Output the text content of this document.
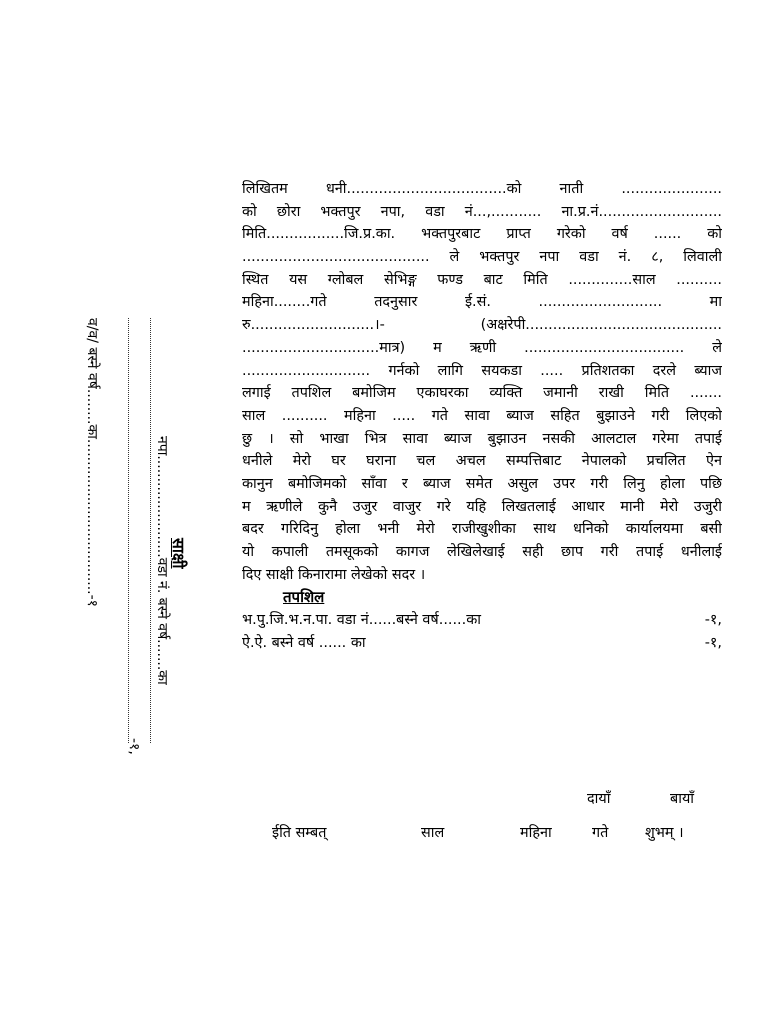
लिखितम धनी...................................को नाती ......................
को छोरा भक्तपुर नपा, वडा नं...,........... ना.प्र.नं...........................
मिति.................जि.प्र.का. भक्तपुरबाट प्राप्त गरेको वर्ष ...... को
......................................... ले भक्तपुर नपा वडा नं. ८, लिवाली
स्थित यस ग्लोबल सेभिङ्ग फण्ड बाट मिति ..............साल ..........
महिना........गते तदनुसार ई.सं. ........................... मा
रु...........................।- (अक्षरेपी...........................................
..............................मात्र) म ऋणी ................................... ले
............................ गर्नको लागि सयकडा ..... प्रतिशतका दरले ब्याज
लगाई तपशिल बमोजिम एकाघरका व्यक्ति जमानी राखी मिति .......
साल .......... महिना ..... गते सावा ब्याज सहित बुझाउने गरी लिएको
छु । सो भाखा भित्र सावा ब्याज बुझाउन नसकी आलटाल गरेमा तपाई
धनीले मेरो घर घराना चल अचल सम्पत्तिबाट नेपालको प्रचलित ऐन
कानुन बमोजिमको साँवा र ब्याज समेत असुल उपर गरी लिनु होला पछि
म ऋणीले कुनै उजुर वाजुर गरे यहि लिखतलाई आधार मानी मेरो उजुरी
बदर गरिदिनु होला भनी मेरो राजीखुशीका साथ धनिको कार्यालयमा बसी
यो कपाली तमसूकको कागज लेखिलेखाई सही छाप गरी तपाई धनीलाई
दिए साक्षी किनारामा लेखेको सदर ।
तपशिल
भ.पु.जि.भ.न.पा. वडा नं......बस्ने वर्ष......का	-१,
ऐ.ऐ. बस्ने वर्ष ...... का	-१,
दायाँ	बायाँ
ईति सम्बत्	साल	महिना	गते	शुभम् ।
साक्षी
व/व/ बस्ने वर्ष........का...................................-१	नपा.......................वडा नं. बस्ने वर्ष.......का
-१,
